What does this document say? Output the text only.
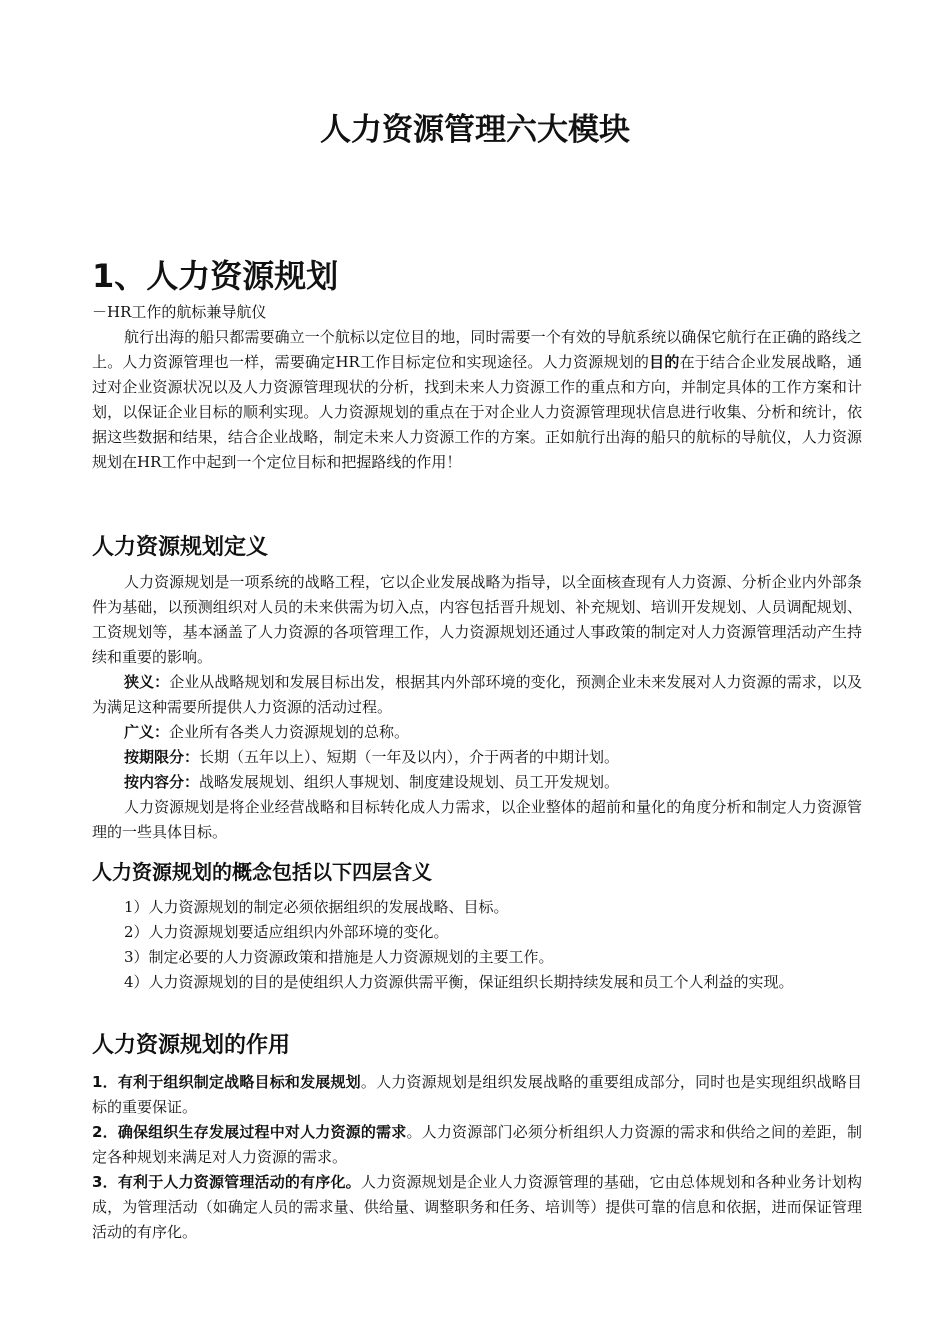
人力资源管理六大模块
1、人力资源规划

－HR工作的航标兼导航仪

航行出海的船只都需要确立一个航标以定位目的地，同时需要一个有效的导航系统以确保它航行在正确的路线之上。人力资源管理也一样，需要确定HR工作目标定位和实现途径。人力资源规划的目的在于结合企业发展战略，通过对企业资源状况以及人力资源管理现状的分析，找到未来人力资源工作的重点和方向，并制定具体的工作方案和计划，以保证企业目标的顺利实现。人力资源规划的重点在于对企业人力资源管理现状信息进行收集、分析和统计，依据这些数据和结果，结合企业战略，制定未来人力资源工作的方案。正如航行出海的船只的航标的导航仪，人力资源规划在HR工作中起到一个定位目标和把握路线的作用！

人力资源规划定义

人力资源规划是一项系统的战略工程，它以企业发展战略为指导，以全面核查现有人力资源、分析企业内外部条件为基础，以预测组织对人员的未来供需为切入点，内容包括晋升规划、补充规划、培训开发规划、人员调配规划、工资规划等，基本涵盖了人力资源的各项管理工作，人力资源规划还通过人事政策的制定对人力资源管理活动产生持续和重要的影响。

狭义：企业从战略规划和发展目标出发，根据其内外部环境的变化，预测企业未来发展对人力资源的需求，以及为满足这种需要所提供人力资源的活动过程。

广义：企业所有各类人力资源规划的总称。

按期限分：长期（五年以上）、短期（一年及以内），介于两者的中期计划。

按内容分：战略发展规划、组织人事规划、制度建设规划、员工开发规划。

人力资源规划是将企业经营战略和目标转化成人力需求，以企业整体的超前和量化的角度分析和制定人力资源管理的一些具体目标。

人力资源规划的概念包括以下四层含义

1）人力资源规划的制定必须依据组织的发展战略、目标。

2）人力资源规划要适应组织内外部环境的变化。

3）制定必要的人力资源政策和措施是人力资源规划的主要工作。

4）人力资源规划的目的是使组织人力资源供需平衡，保证组织长期持续发展和员工个人利益的实现。

人力资源规划的作用

1．有利于组织制定战略目标和发展规划。人力资源规划是组织发展战略的重要组成部分，同时也是实现组织战略目标的重要保证。

2．确保组织生存发展过程中对人力资源的需求。人力资源部门必须分析组织人力资源的需求和供给之间的差距，制定各种规划来满足对人力资源的需求。

3．有利于人力资源管理活动的有序化。人力资源规划是企业人力资源管理的基础，它由总体规划和各种业务计划构成，为管理活动（如确定人员的需求量、供给量、调整职务和任务、培训等）提供可靠的信息和依据，进而保证管理活动的有序化。
